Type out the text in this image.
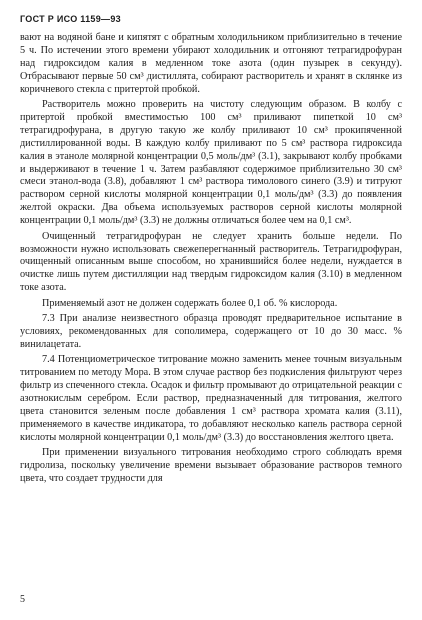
ГОСТ Р ИСО 1159—93

вают на водяной бане и кипятят с обратным холодильником приблизительно в течение 5 ч. По истечении этого времени убирают холодильник и отгоняют тетрагидрофуран над гидроксидом калия в медленном токе азота (один пузырек в секунду). Отбрасывают первые 50 см³ дистиллята, собирают растворитель и хранят в склянке из коричневого стекла с притертой пробкой.

Растворитель можно проверить на чистоту следующим образом. В колбу с притертой пробкой вместимостью 100 см³ приливают пипеткой 10 см³ тетрагидрофурана, в другую такую же колбу приливают 10 см³ прокипяченной дистиллированной воды. В каждую колбу приливают по 5 см³ раствора гидроксида калия в этаноле молярной концентрации 0,5 моль/дм³ (3.1), закрывают колбу пробками и выдерживают в течение 1 ч. Затем разбавляют содержимое приблизительно 30 см³ смеси этанол-вода (3.8), добавляют 1 см³ раствора тимолового синего (3.9) и титруют раствором серной кислоты молярной концентрации 0,1 моль/дм³ (3.3) до появления желтой окраски. Два объема используемых растворов серной кислоты молярной концентрации 0,1 моль/дм³ (3.3) не должны отличаться более чем на 0,1 см³.

Очищенный тетрагидрофуран не следует хранить больше недели. По возможности нужно использовать свежеперегнанный растворитель. Тетрагидрофуран, очищенный описанным выше способом, но хранившийся более недели, нуждается в очистке лишь путем дистилляции над твердым гидроксидом калия (3.10) в медленном токе азота.

Применяемый азот не должен содержать более 0,1 об. % кислорода.

7.3 При анализе неизвестного образца проводят предварительное испытание в условиях, рекомендованных для сополимера, содержащего от 10 до 30 масс. % винилацетата.

7.4 Потенциометрическое титрование можно заменить менее точным визуальным титрованием по методу Мора. В этом случае раствор без подкисления фильтруют через фильтр из спеченного стекла. Осадок и фильтр промывают до отрицательной реакции с азотнокислым серебром. Если раствор, предназначенный для титрования, желтого цвета становится зеленым после добавления 1 см³ раствора хромата калия (3.11), применяемого в качестве индикатора, то добавляют несколько капель раствора серной кислоты молярной концентрации 0,1 моль/дм³ (3.3) до восстановления желтого цвета.

При применении визуального титрования необходимо строго соблюдать время гидролиза, поскольку увеличение времени вызывает образование растворов темного цвета, что создает трудности для

5
